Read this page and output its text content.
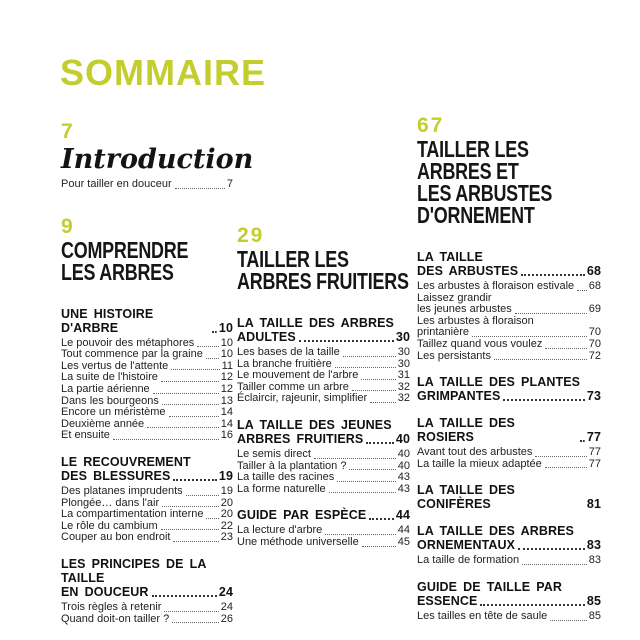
SOMMAIRE
7
Introduction
Pour tailler en douceur	7
9
COMPRENDRE
LES ARBRES
UNE HISTOIRE D'ARBRE	10
Le pouvoir des métaphores 10
Tout commence par la graine 10
Les vertus de l'attente	11
La suite de l'histoire	12
La partie aérienne	12
Dans les bourgeons	13
Encore un méristème	14
Deuxième année	14
Et ensuite	16
LE RECOUVREMENT
DES BLESSURES	19
Des platanes imprudents	19
Plongée… dans l'air	20
La compartimentation interne 20
Le rôle du cambium	22
Couper au bon endroit	23
LES PRINCIPES DE LA TAILLE
EN DOUCEUR	24
Trois règles à retenir	24
Quand doit-on tailler ?	26
29
TAILLER LES
ARBRES FRUITIERS
LA TAILLE DES ARBRES
ADULTES	30
Les bases de la taille	30
La branche fruitière	30
Le mouvement de l'arbre	31
Tailler comme un arbre	32
Éclaircir, rajeunir, simplifier	32
LA TAILLE DES JEUNES
ARBRES FRUITIERS	40
Le semis direct	40
Tailler à la plantation ?	40
La taille des racines	43
La forme naturelle	43
GUIDE PAR ESPÈCE 44
La lecture d'arbre	44
Une méthode universelle	45
67
TAILLER LES
ARBRES ET
LES ARBUSTES
D'ORNEMENT
LA TAILLE
DES ARBUSTES	68
Les arbustes à floraison estivale 68
Laissez grandir
les jeunes arbustes	69
Les arbustes à floraison
printanière	70
Taillez quand vous voulez	70
Les persistants	72
LA TAILLE DES PLANTES
GRIMPANTES	73
LA TAILLE DES ROSIERS	77
Avant tout des arbustes	77
La taille la mieux adaptée	77
LA TAILLE DES CONIFÈRES	81
LA TAILLE DES ARBRES
ORNEMENTAUX	83
La taille de formation	83
GUIDE DE TAILLE PAR
ESSENCE	85
Les tailles en tête de saule	85
